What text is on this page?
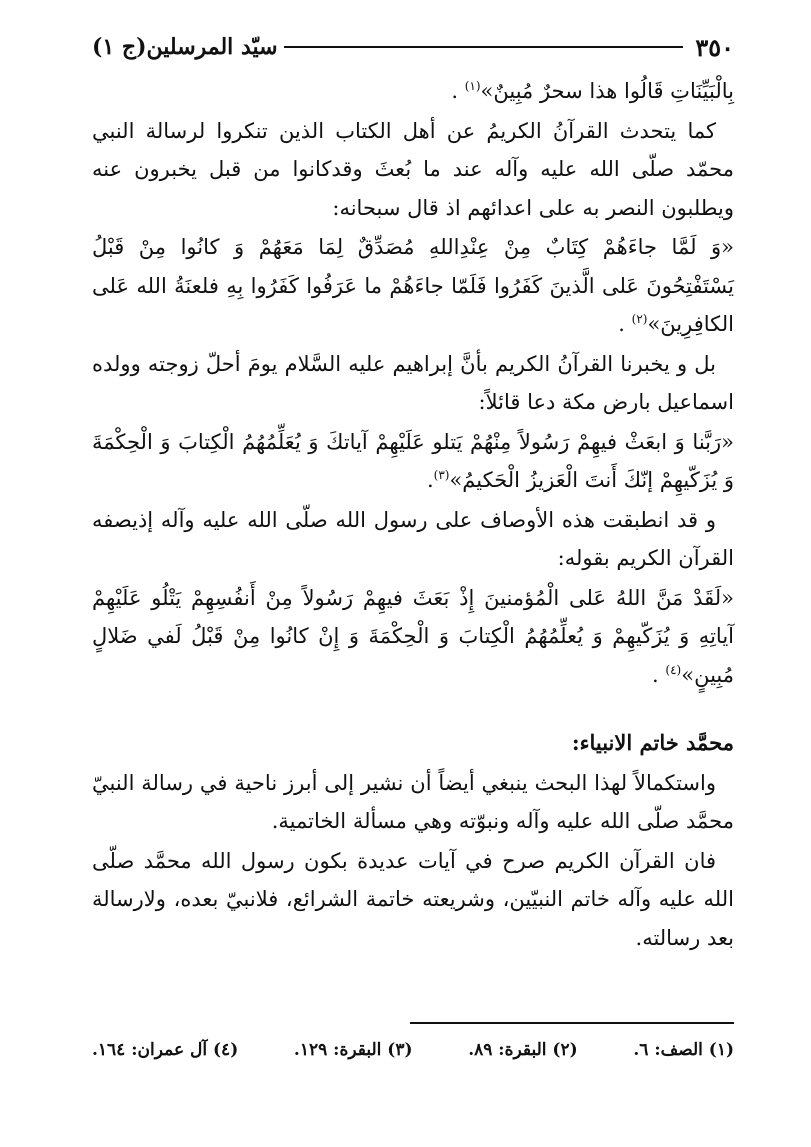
٣٥٠
سيّد المرسلين(ج ١)

بِالْبَيِّنَاتِ قَالُوا هذا سحرٌ مُبِينٌ»$^{(١)}$ .

كما يتحدث القرآنُ الكريمُ عن أهل الكتاب الذين تنكروا لرسالة النبي محمّد صلّى الله عليه وآله عند ما بُعثَ وقدكانوا من قبل يخبرون عنه ويطلبون النصر به على اعدائهم اذ قال سبحانه:

«وَ لَمَّا جاءَهُمْ كِتَابٌ مِنْ عِنْدِاللهِ مُصَدِّقٌ لِمَا مَعَهُمْ وَ كانُوا مِنْ قَبْلُ يَسْتَفْتِحُونَ عَلى الَّذينَ كَفَرُوا فَلَمّا جاءَهُمْ ما عَرَفُوا كَفَرُوا بِهِ فلعنَةُ الله عَلى الكافِرِينَ»$^{(٢)}$ .

بل و يخبرنا القرآنُ الكريم بأنَّ إبراهيم عليه السَّلام يومَ أحلّ زوجته وولده اسماعيل بارض مكة دعا قائلاً:

«رَبَّنا وَ ابعَثْ فيهِمْ رَسُولاً مِنْهُمْ يَتلو عَلَيْهِمْ آياتكَ وَ يُعَلِّمُهُمُ الْكِتابَ وَ الْحِكْمَةَ وَ يُزَكّيهِمْ إنّكَ أَنتَ الْعَزيزُ الْحَكيمُ»$^{(٣)}$.

و قد انطبقت هذه الأوصاف على رسول الله صلّى الله عليه وآله إذيصفه القرآن الكريم بقوله:

«لَقَدْ مَنَّ اللهُ عَلى الْمُؤمنينَ إِذْ بَعَثَ فيهِمْ رَسُولاً مِنْ أَنفُسِهِمْ يَتْلُو عَلَيْهِمْ آياتِهِ وَ يُزَكّيهِمْ وَ يُعلِّمُهُمُ الْكِتابَ وَ الْحِكْمَةَ وَ إِنْ كانُوا مِنْ قَبْلُ لَفي ضَلالٍ مُبِينٍ»$^{(٤)}$ .

محمَّد خاتم الانبياء:

واستكمالاً لهذا البحث ينبغي أيضاً أن نشير إلى أبرز ناحية في رسالة النبيّ محمَّد صلّى الله عليه وآله ونبوّته وهي مسألة الخاتمية.

فان القرآن الكريم صرح في آيات عديدة بكون رسول الله محمَّد صلّى الله عليه وآله خاتم النبيّين، وشريعته خاتمة الشرائع، فلانبيّ بعده، ولارسالة بعد رسالته.

(١) الصف: ٦.
(٢) البقرة: ٨٩.
(٣) البقرة: ١٢٩.
(٤) آل عمران: ١٦٤.
